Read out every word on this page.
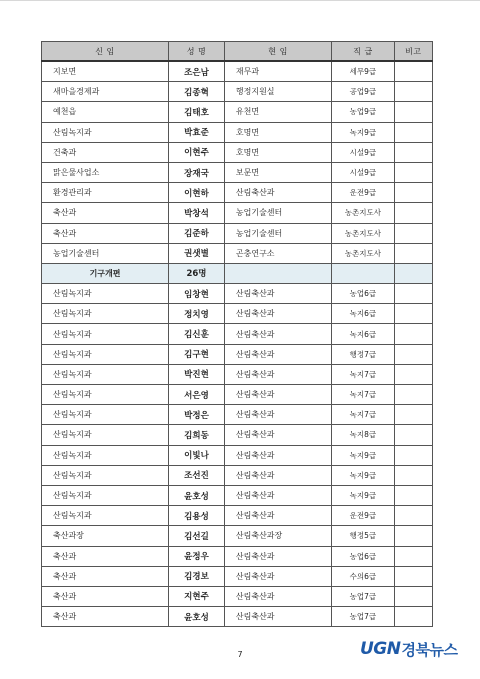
신 임	성 명	현 임	직 급	비고
지보면	조은남	재무과	세무9급	
새마을경제과	김종혁	행정지원실	공업9급	
예천읍	김태호	유천면	농업9급	
산림녹지과	박효준	호명면	녹지9급	
건축과	이현주	호명면	시설9급	
맑은물사업소	장재국	보문면	시설9급	
환경관리과	이현하	산림축산과	운전9급	
축산과	박창석	농업기술센터	농촌지도사	
축산과	김준하	농업기술센터	농촌지도사	
농업기술센터	권샛별	곤충연구소	농촌지도사	
기구개편	26명			
산림녹지과	임창현	산림축산과	농업6급	
산림녹지과	정치영	산림축산과	녹지6급	
산림녹지과	김신훈	산림축산과	녹지6급	
산림녹지과	김구현	산림축산과	행정7급	
산림녹지과	박진현	산림축산과	녹지7급	
산림녹지과	서은영	산림축산과	녹지7급	
산림녹지과	박정은	산림축산과	녹지7급	
산림녹지과	김희동	산림축산과	녹지8급	
산림녹지과	이빛나	산림축산과	녹지9급	
산림녹지과	조선진	산림축산과	녹지9급	
산림녹지과	윤호성	산림축산과	녹지9급	
산림녹지과	김용성	산림축산과	운전9급	
축산과장	김선길	산림축산과장	행정5급	
축산과	윤정우	산림축산과	농업6급	
축산과	김경보	산림축산과	수의6급	
축산과	지현주	산림축산과	농업7급	
축산과	윤호성	산림축산과	농업7급	
7	UGN 경북뉴스
